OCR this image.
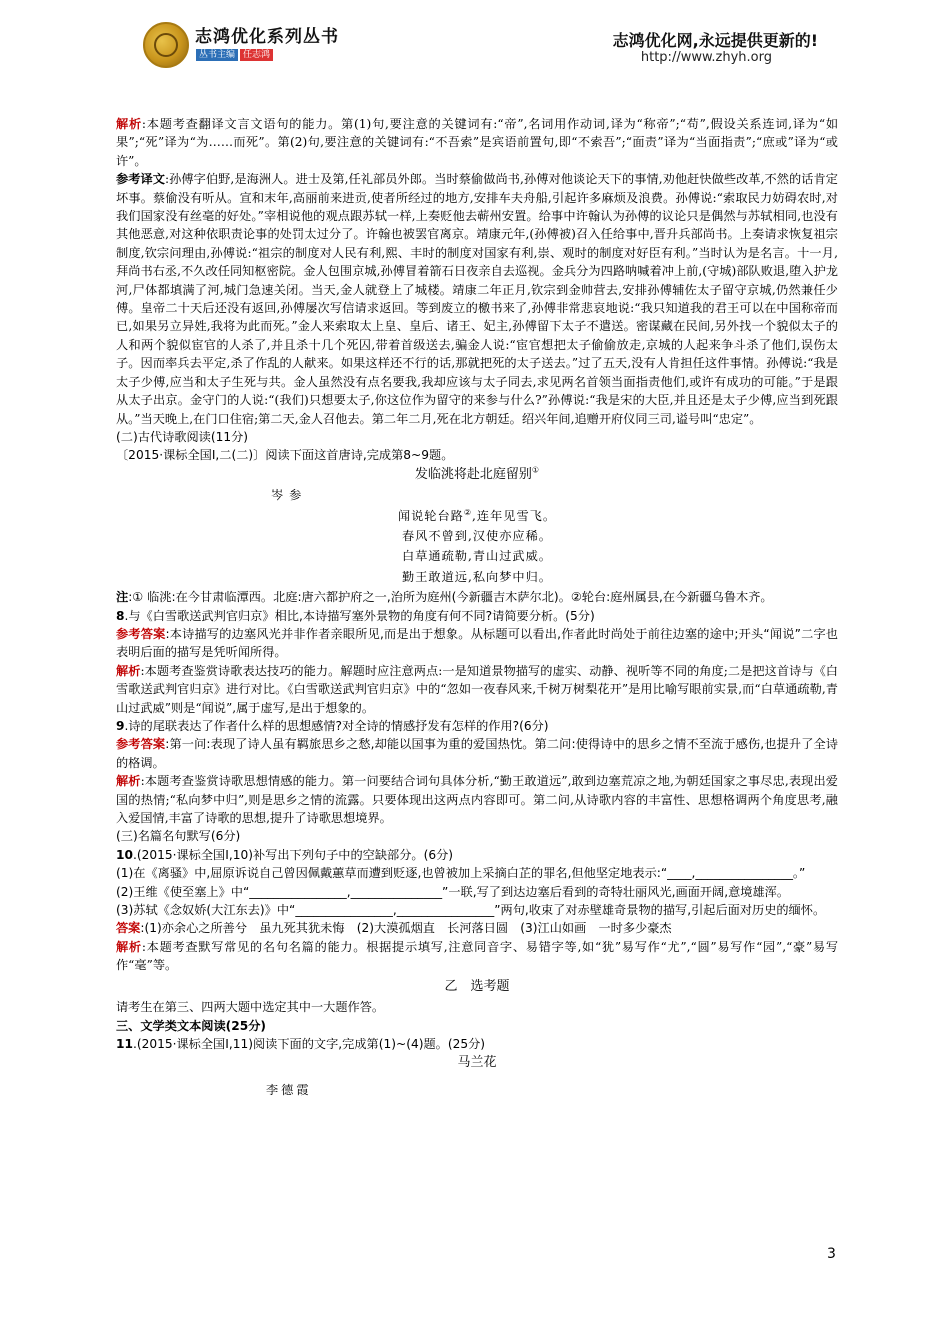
志鸿优化系列丛书
丛书主编 任志鸿
志鸿优化网,永远提供更新的!
http://www.zhyh.org

解析:本题考查翻译文言文语句的能力。第(1)句,要注意的关键词有:“帝”,名词用作动词,译为“称帝”;“苟”,假设关系连词,译为“如果”;“死”译为“为……而死”。第(2)句,要注意的关键词有:“不吾索”是宾语前置句,即“不索吾”;“面责”译为“当面指责”;“庶或”译为“或许”。

参考译文:孙傅字伯野,是海洲人。进士及第,任礼部员外郎。当时蔡偷做尚书,孙傅对他谈论天下的事情,劝他赶快做些改革,不然的话肯定坏事。蔡偷没有听从。宣和末年,高丽前来进贡,使者所经过的地方,安排车夫舟船,引起许多麻烦及浪费。孙傅说:“索取民力妨碍农时,对我们国家没有丝毫的好处。”宰相说他的观点跟苏轼一样,上奏贬他去蕲州安置。给事中许翰认为孙傅的议论只是偶然与苏轼相同,也没有其他恶意,对这种依职责论事的处罚太过分了。许翰也被罢官离京。靖康元年,(孙傅被)召入任给事中,晋升兵部尚书。上奏请求恢复祖宗制度,钦宗问理由,孙傅说:“祖宗的制度对人民有利,熙、丰时的制度对国家有利,崇、观时的制度对好臣有利。”当时认为是名言。十一月,拜尚书右丞,不久改任同知枢密院。金人包围京城,孙傅冒着箭石日夜亲自去巡视。金兵分为四路呐喊着冲上前,(守城)部队败退,堕入护龙河,尸体都填满了河,城门急速关闭。当天,金人就登上了城楼。靖康二年正月,钦宗到金帅营去,安排孙傅辅佐太子留守京城,仍然兼任少傅。皇帝二十天后还没有返回,孙傅屡次写信请求返回。等到废立的檄书来了,孙傅非常悲哀地说:“我只知道我的君王可以在中国称帝而已,如果另立异姓,我将为此而死。”金人来索取太上皇、皇后、诸王、妃主,孙傅留下太子不遣送。密谋藏在民间,另外找一个貌似太子的人和两个貌似宦官的人杀了,并且杀十几个死囚,带着首级送去,骗金人说:“宦官想把太子偷偷放走,京城的人起来争斗杀了他们,误伤太子。因而率兵去平定,杀了作乱的人献来。如果这样还不行的话,那就把死的太子送去。”过了五天,没有人肯担任这件事情。孙傅说:“我是太子少傅,应当和太子生死与共。金人虽然没有点名要我,我却应该与太子同去,求见两名首领当面指责他们,或许有成功的可能。”于是跟从太子出京。金守门的人说:“(我们)只想要太子,你这位作为留守的来参与什么?”孙傅说:“我是宋的大臣,并且还是太子少傅,应当到死跟从。”当天晚上,在门口住宿;第二天,金人召他去。第二年二月,死在北方朝廷。绍兴年间,追赠开府仪同三司,谥号叫“忠定”。

(二)古代诗歌阅读(11分)

〔2015·课标全国Ⅰ,二(二)〕阅读下面这首唐诗,完成第8~9题。

发临洮将赴北庭留别①

岑参

闻说轮台路②,连年见雪飞。

春风不曾到,汉使亦应稀。

白草通疏勒,青山过武威。

勤王敢道远,私向梦中归。

注:① 临洮:在今甘肃临潭西。北庭:唐六都护府之一,治所为庭州(今新疆吉木萨尔北)。②轮台:庭州属县,在今新疆乌鲁木齐。

8.与《白雪歌送武判官归京》相比,本诗描写塞外景物的角度有何不同?请简要分析。(5分)

参考答案:本诗描写的边塞风光并非作者亲眼所见,而是出于想象。从标题可以看出,作者此时尚处于前往边塞的途中;开头“闻说”二字也表明后面的描写是凭听闻所得。

解析:本题考查鉴赏诗歌表达技巧的能力。解题时应注意两点:一是知道景物描写的虚实、动静、视听等不同的角度;二是把这首诗与《白雪歌送武判官归京》进行对比。《白雪歌送武判官归京》中的“忽如一夜春风来,千树万树梨花开”是用比喻写眼前实景,而“白草通疏勒,青山过武威”则是“闻说”,属于虚写,是出于想象的。

9.诗的尾联表达了作者什么样的思想感情?对全诗的情感抒发有怎样的作用?(6分)

参考答案:第一问:表现了诗人虽有羁旅思乡之愁,却能以国事为重的爱国热忱。第二问:使得诗中的思乡之情不至流于感伤,也提升了全诗的格调。

解析:本题考查鉴赏诗歌思想情感的能力。第一问要结合词句具体分析,“勤王敢道远”,敢到边塞荒凉之地,为朝廷国家之事尽忠,表现出爱国的热情;“私向梦中归”,则是思乡之情的流露。只要体现出这两点内容即可。第二问,从诗歌内容的丰富性、思想格调两个角度思考,融入爱国情,丰富了诗歌的思想,提升了诗歌思想境界。

(三)名篇名句默写(6分)

10.(2015·课标全国Ⅰ,10)补写出下列句子中的空缺部分。(6分)

(1)在《离骚》中,屈原诉说自己曾因佩戴蕙草而遭到贬逐,也曾被加上采摘白芷的罪名,但他坚定地表示:“____,________________。”

(2)王维《使至塞上》中“________________,_______________”一联,写了到达边塞后看到的奇特壮丽风光,画面开阔,意境雄浑。

(3)苏轼《念奴娇(大江东去)》中“________________,________________”两句,收束了对赤壁雄奇景物的描写,引起后面对历史的缅怀。

答案:(1)亦余心之所善兮　虽九死其犹未悔　(2)大漠孤烟直　长河落日圆　(3)江山如画　一时多少豪杰

解析:本题考查默写常见的名句名篇的能力。根据提示填写,注意同音字、易错字等,如“犹”易写作“尤”,“圆”易写作“园”,“豪”易写作“毫”等。

乙　选考题

请考生在第三、四两大题中选定其中一大题作答。

三、文学类文本阅读(25分)

11.(2015·课标全国Ⅰ,11)阅读下面的文字,完成第(1)~(4)题。(25分)

马兰花

李德霞

3
